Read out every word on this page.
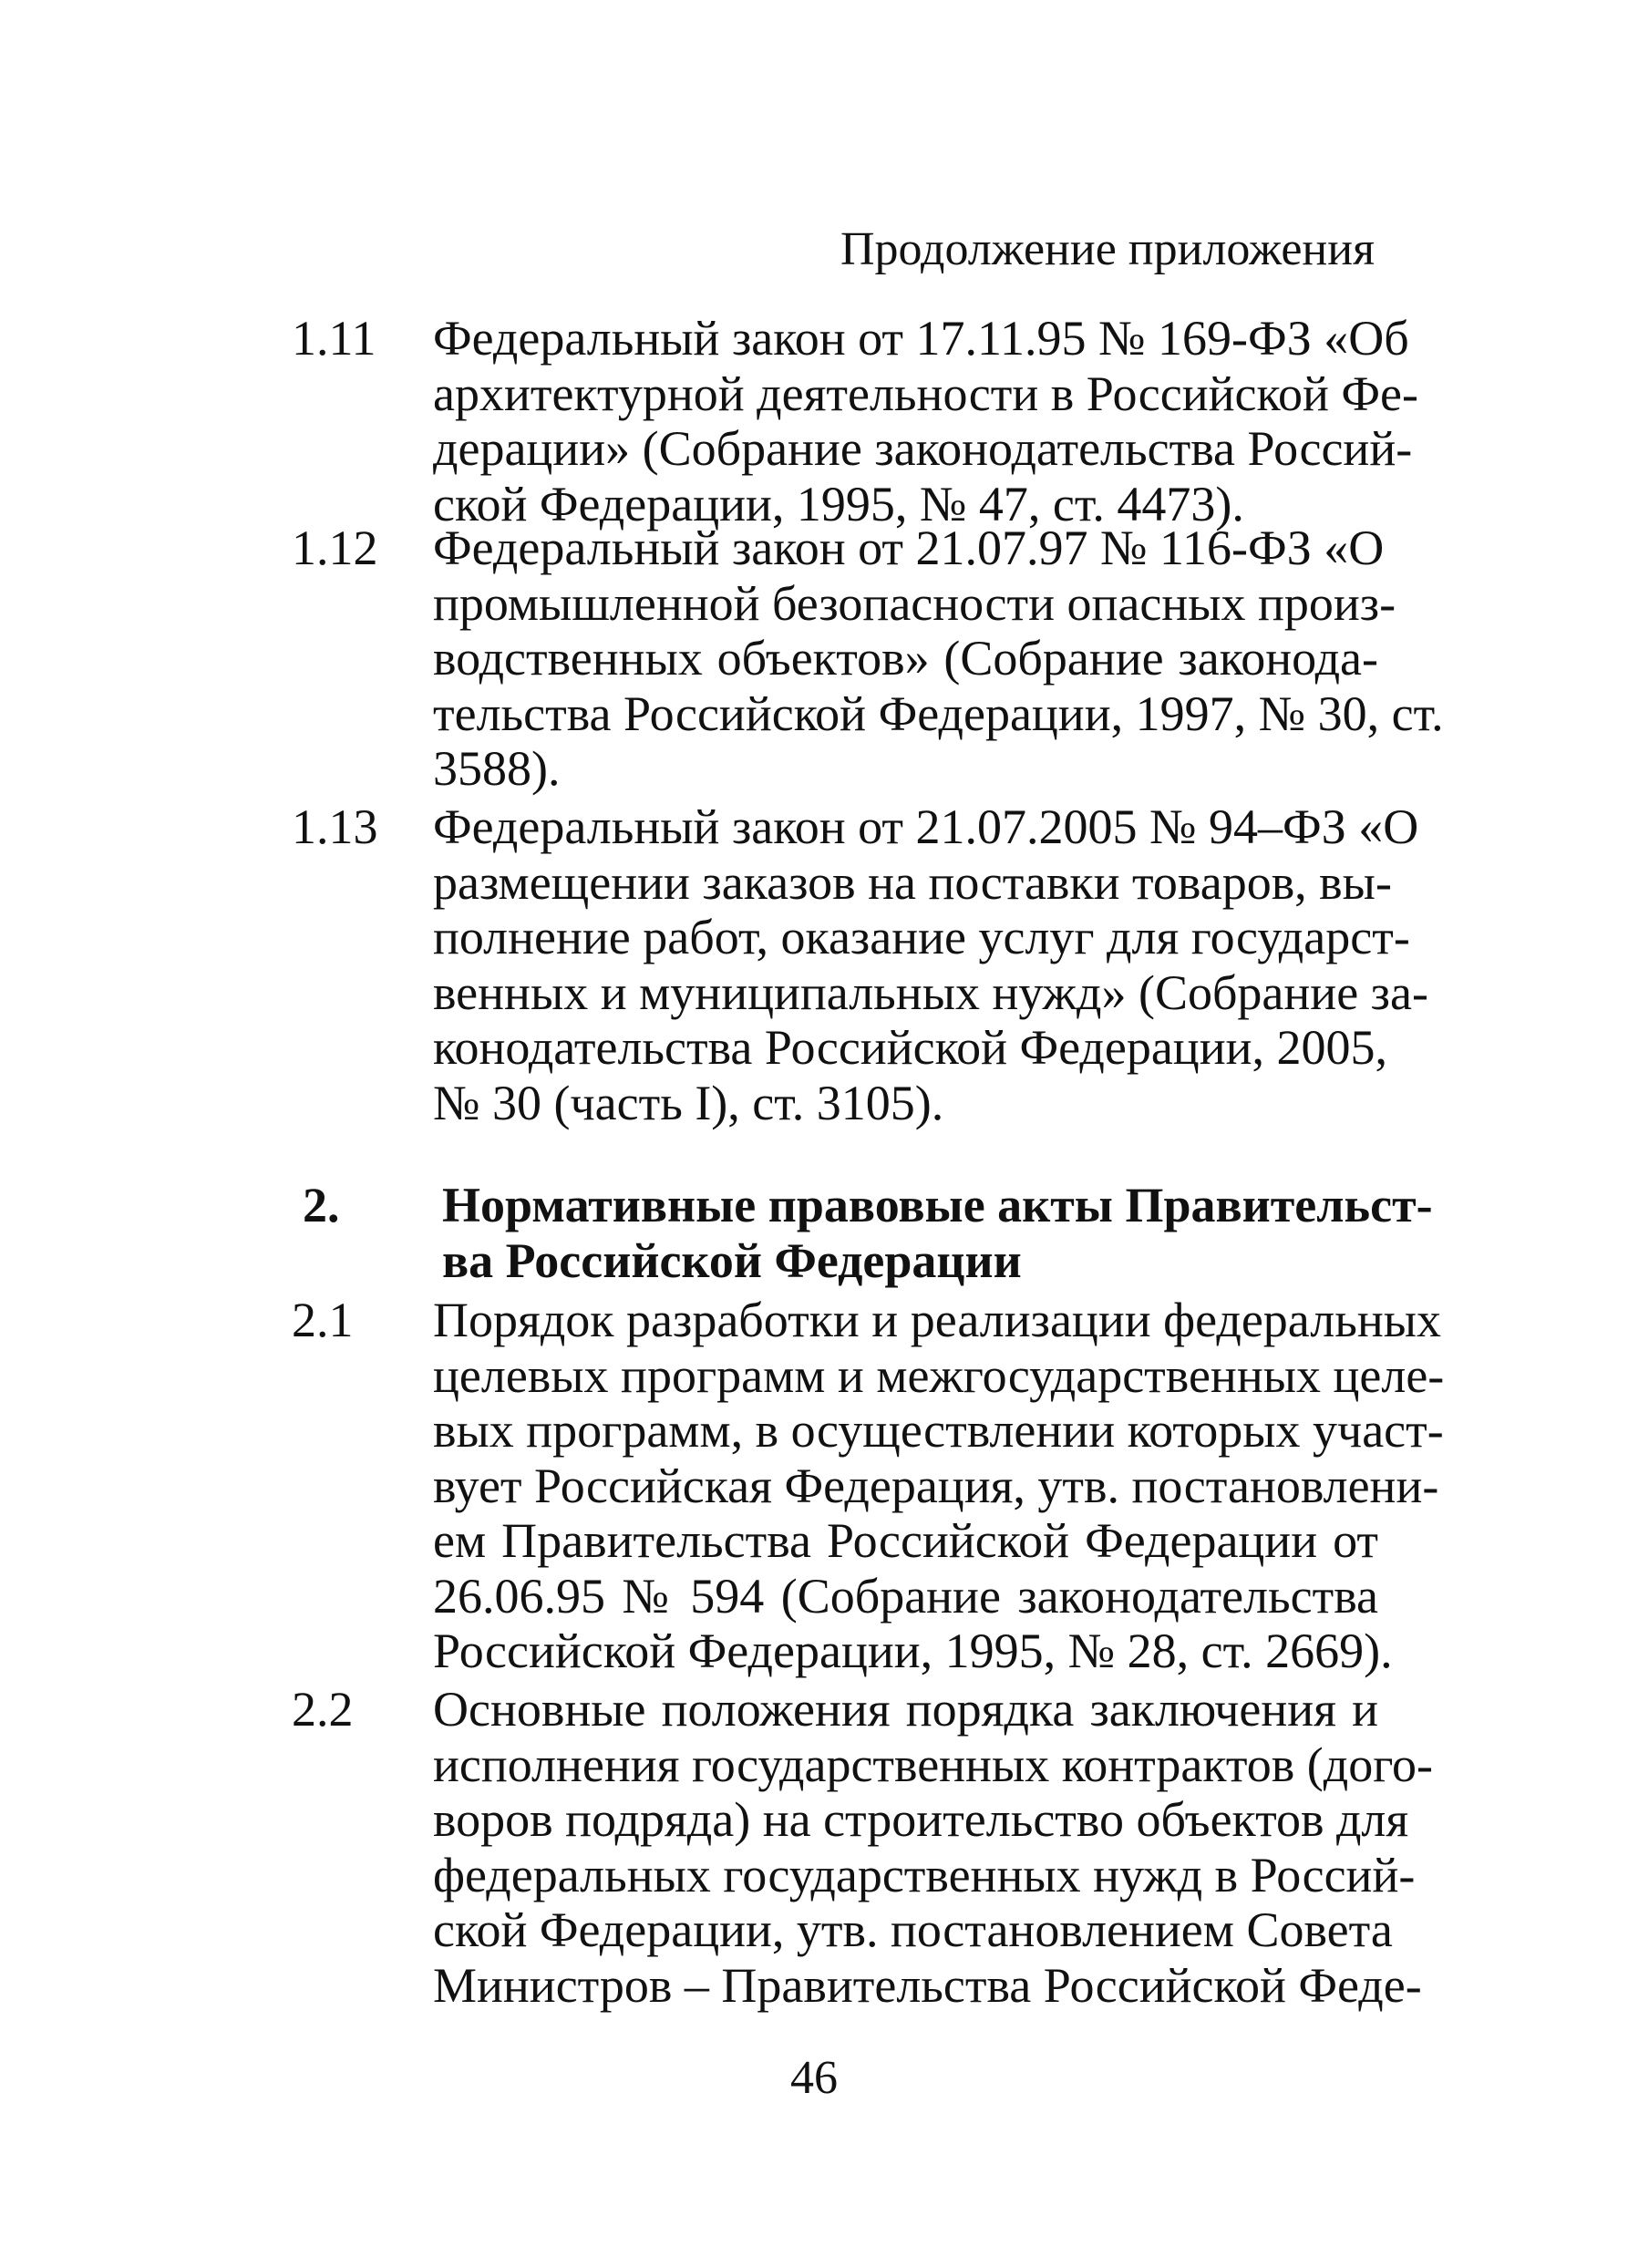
Продолжение приложения
1.11 Федеральный закон от 17.11.95 № 169-ФЗ «Об
архитектурной деятельности в Российской Фе-
дерации» (Собрание законодательства Россий-
ской Федерации, 1995, № 47, ст. 4473).
1.12 Федеральный закон от 21.07.97 № 116-ФЗ «О
промышленной безопасности опасных произ-
водственных объектов» (Собрание законода-
тельства Российской Федерации, 1997, № 30, ст.
3588).
1.13 Федеральный закон от 21.07.2005 № 94–ФЗ «О
размещении заказов на поставки товаров, вы-
полнение работ, оказание услуг для государст-
венных и муниципальных нужд» (Собрание за-
конодательства Российской Федерации, 2005,
№ 30 (часть I), ст. 3105).
2. Нормативные правовые акты Правительст-
ва Российской Федерации
2.1 Порядок разработки и реализации федеральных
целевых программ и межгосударственных целе-
вых программ, в осуществлении которых участ-
вует Российская Федерация, утв. постановлени-
ем Правительства Российской Федерации от
26.06.95 № 594 (Собрание законодательства
Российской Федерации, 1995, № 28, ст. 2669).
2.2 Основные положения порядка заключения и
исполнения государственных контрактов (дого-
воров подряда) на строительство объектов для
федеральных государственных нужд в Россий-
ской Федерации, утв. постановлением Совета
Министров – Правительства Российской Феде-
46
